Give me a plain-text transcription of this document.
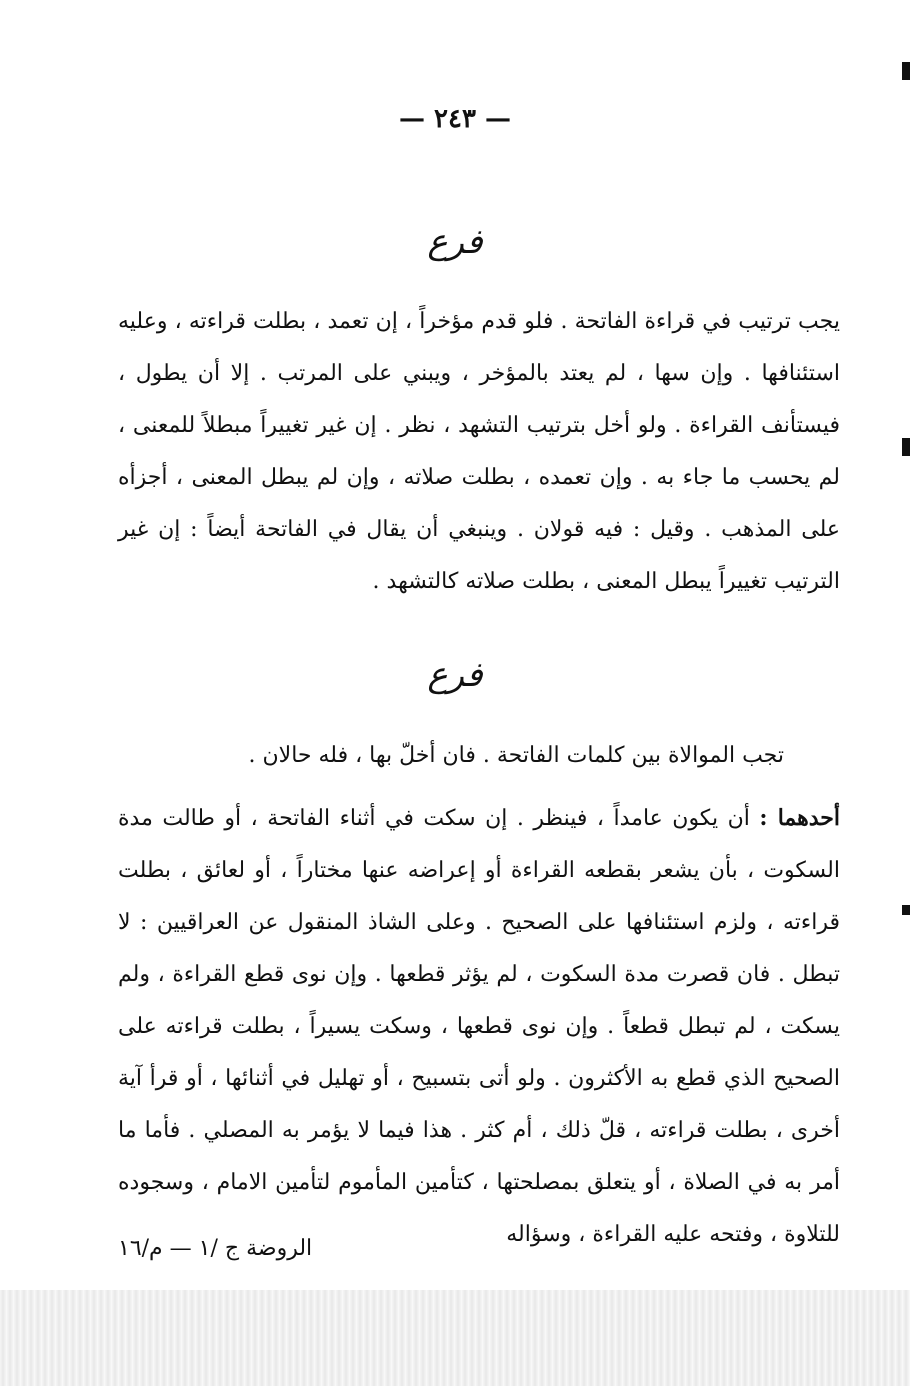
— ٢٤٣ —
فرع
يجب ترتيب في قراءة الفاتحة . فلو قدم مؤخراً ، إن تعمد ، بطلت قراءته ، وعليه استئنافها . وإن سها ، لم يعتد بالمؤخر ، ويبني على المرتب . إلا أن يطول ، فيستأنف القراءة . ولو أخل بترتيب التشهد ، نظر . إن غير تغييراً مبطلاً للمعنى ، لم يحسب ما جاء به . وإن تعمده ، بطلت صلاته ، وإن لم يبطل المعنى ، أجزأه على المذهب . وقيل : فيه قولان . وينبغي أن يقال في الفاتحة أيضاً : إن غير الترتيب تغييراً يبطل المعنى ، بطلت صلاته كالتشهد .
فرع
تجب الموالاة بين كلمات الفاتحة . فان أخلّ بها ، فله حالان .
أحدهما : أن يكون عامداً ، فينظر . إن سكت في أثناء الفاتحة ، أو طالت مدة السكوت ، بأن يشعر بقطعه القراءة أو إعراضه عنها مختاراً ، أو لعائق ، بطلت قراءته ، ولزم استئنافها على الصحيح . وعلى الشاذ المنقول عن العراقيين : لا تبطل . فان قصرت مدة السكوت ، لم يؤثر قطعها . وإن نوى قطع القراءة ، ولم يسكت ، لم تبطل قطعاً . وإن نوى قطعها ، وسكت يسيراً ، بطلت قراءته على الصحيح الذي قطع به الأكثرون . ولو أتى بتسبيح ، أو تهليل في أثنائها ، أو قرأ آية أخرى ، بطلت قراءته ، قلّ ذلك ، أم كثر . هذا فيما لا يؤمر به المصلي . فأما ما أمر به في الصلاة ، أو يتعلق بمصلحتها ، كتأمين المأموم لتأمين الامام ، وسجوده للتلاوة ، وفتحه عليه القراءة ، وسؤاله
الروضة ج /١ — م/١٦
